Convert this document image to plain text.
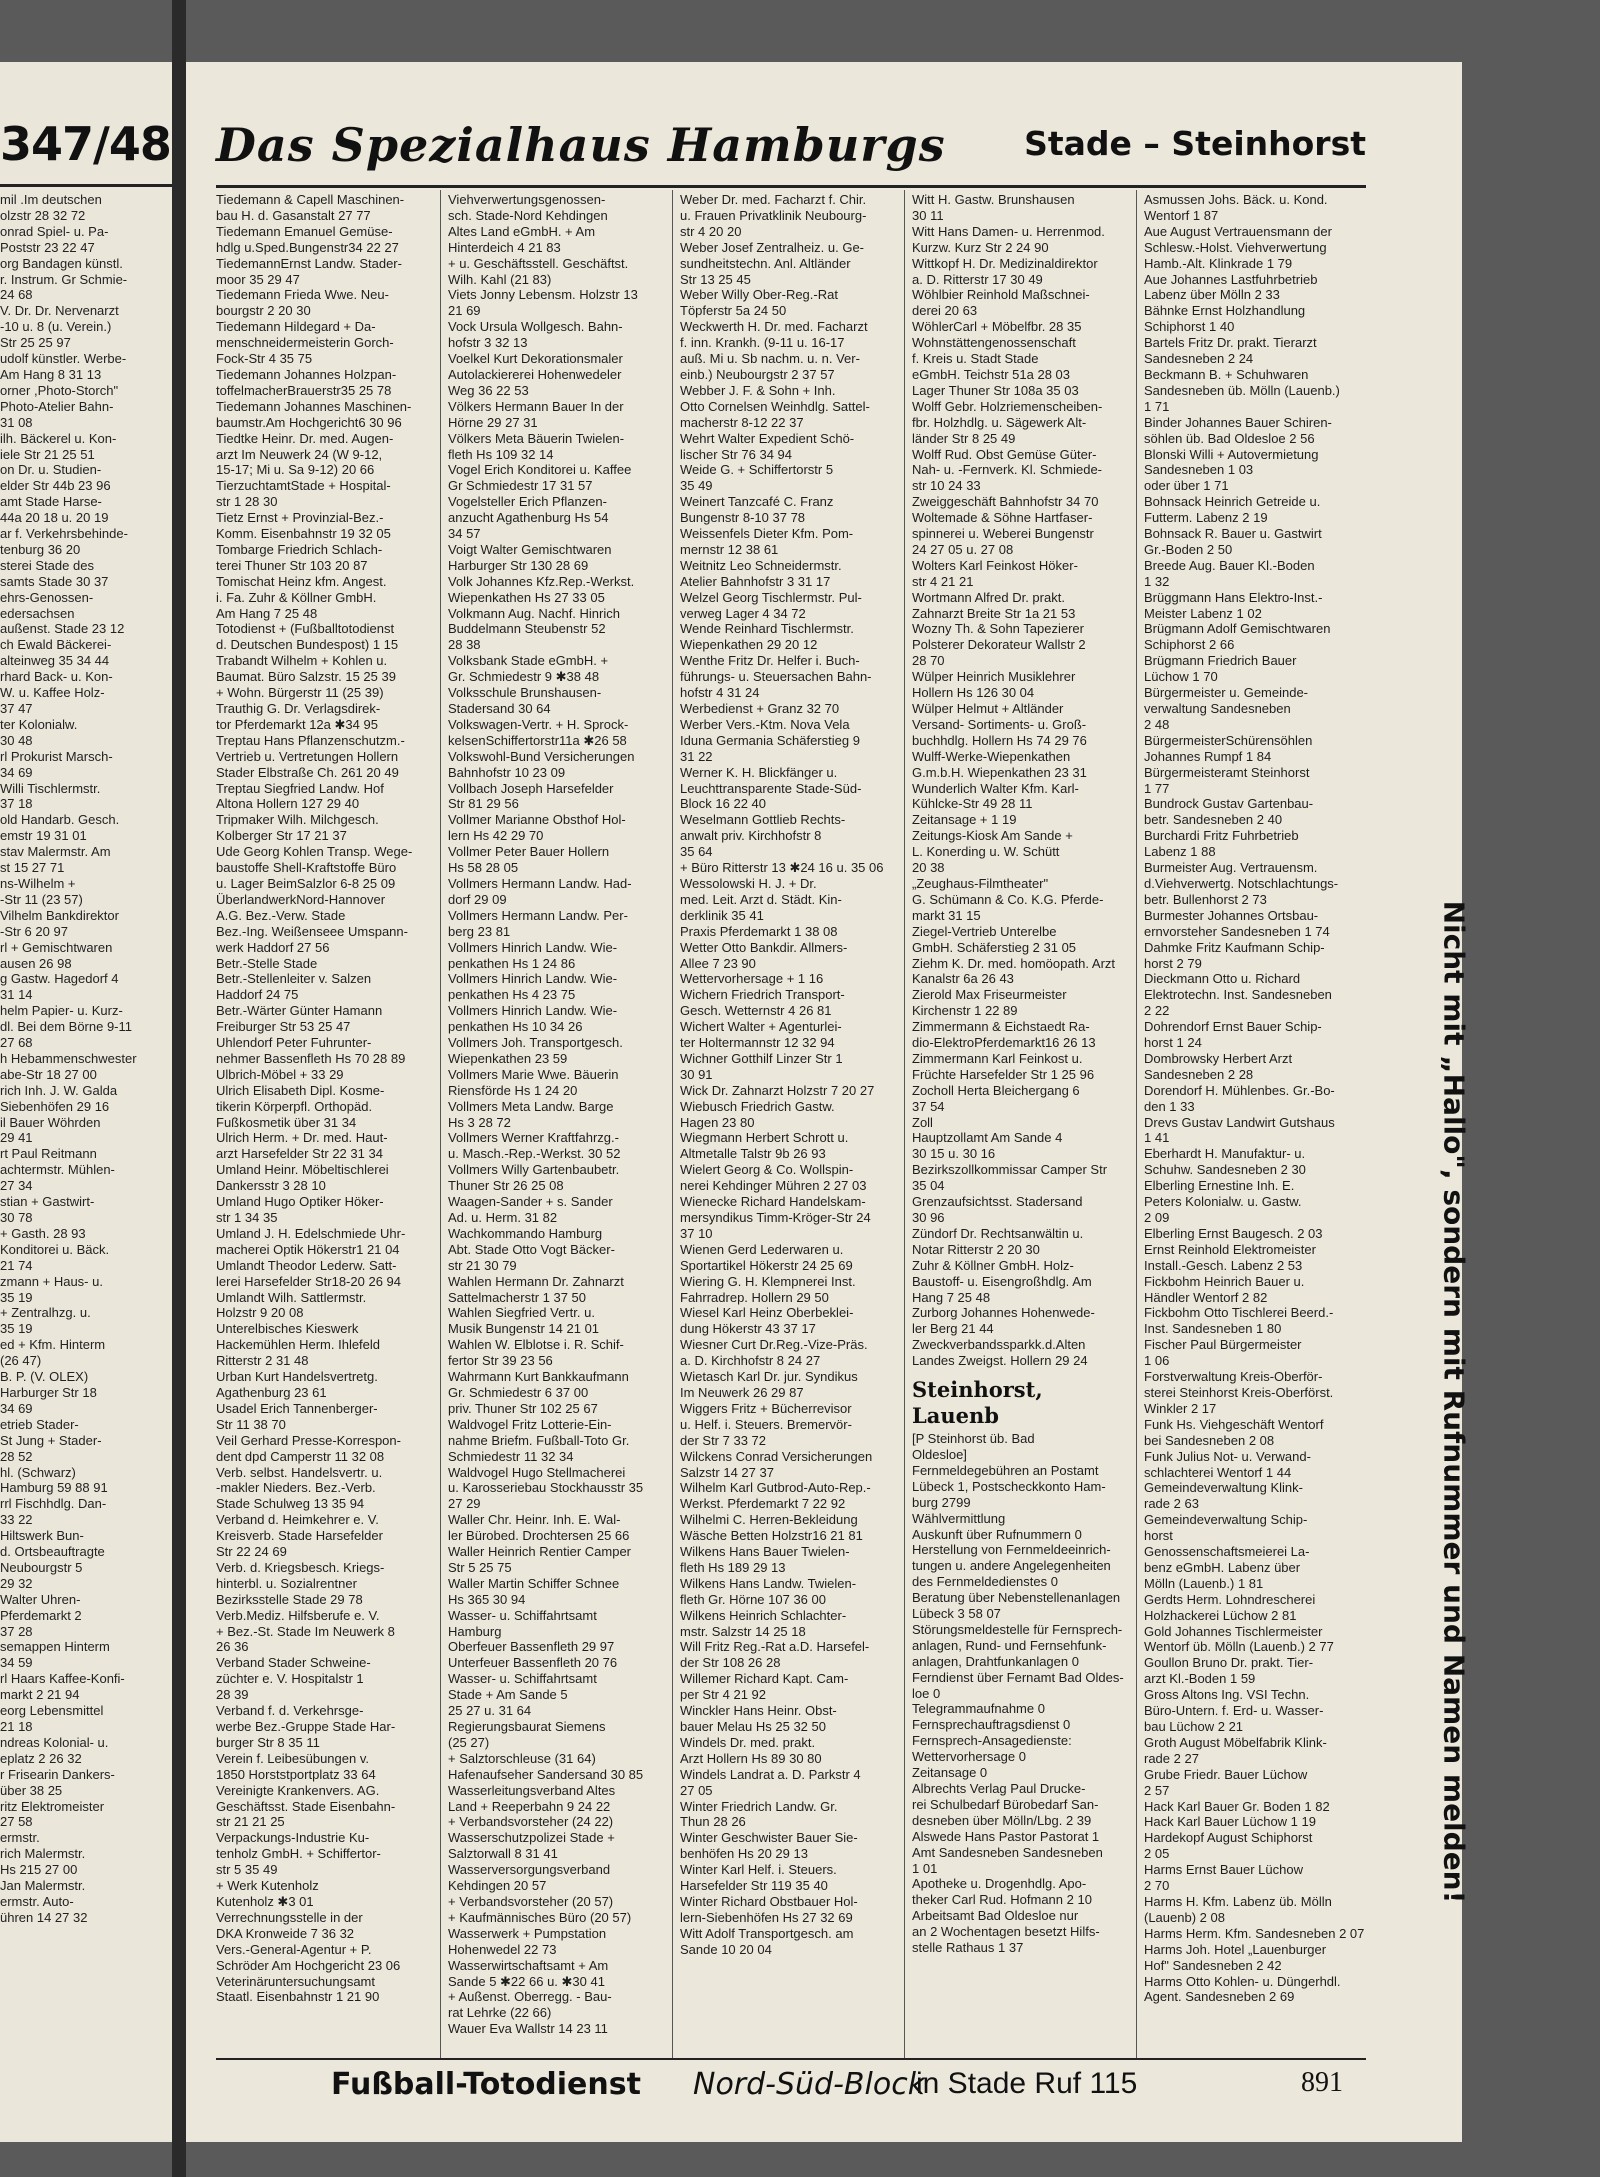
347/48
mil .Im deutschen
olzstr 28 32 72
onrad Spiel- u. Pa-
Poststr 23 22 47
org Bandagen künstl.
r. Instrum. Gr Schmie-
24 68
V. Dr. Dr. Nervenarzt
-10 u. 8 (u. Verein.)
Str 25 25 97
udolf künstler. Werbe-
Am Hang 8 31 13
orner ,Photo-Storch"
Photo-Atelier Bahn-
31 08
ilh. Bäckerel u. Kon-
iele Str 21 25 51
on Dr. u. Studien-
elder Str 44b 23 96
amt Stade Harse-
44a 20 18 u. 20 19
ar f. Verkehrsbehinde-
tenburg 36 20
sterei Stade des
samts Stade 30 37
ehrs-Genossen-
edersachsen
außenst. Stade 23 12
ch Ewald Bäckerei-
alteinweg 35 34 44
rhard Back- u. Kon-
W. u. Kaffee Holz-
37 47
ter Kolonialw.
30 48
rl Prokurist Marsch-
34 69
Willi Tischlermstr.
37 18
old Handarb. Gesch.
emstr 19 31 01
stav Malermstr. Am
st 15 27 71
ns-Wilhelm +
-Str 11 (23 57)
Vilhelm Bankdirektor
-Str 6 20 97
rl + Gemischtwaren
ausen 26 98
g Gastw. Hagedorf 4
31 14
helm Papier- u. Kurz-
dl. Bei dem Börne 9-11
27 68
h Hebammenschwester
abe-Str 18 27 00
rich Inh. J. W. Galda
Siebenhöfen 29 16
il Bauer Wöhrden
29 41
rt Paul Reitmann
achtermstr. Mühlen-
27 34
stian + Gastwirt-
30 78
+ Gasth. 28 93
Konditorei u. Bäck.
21 74
zmann + Haus- u.
35 19
+ Zentralhzg. u.
35 19
ed + Kfm. Hinterm
(26 47)
B. P. (V. OLEX)
Harburger Str 18
34 69
etrieb Stader-
St Jung + Stader-
28 52
hl. (Schwarz)
Hamburg 59 88 91
rrl Fischhdlg. Dan-
33 22
Hiltswerk Bun-
d. Ortsbeauftragte
Neubourgstr 5
29 32
Walter Uhren-
Pferdemarkt 2
37 28
semappen Hinterm
34 59
rl Haars Kaffee-Konfi-
markt 2 21 94
eorg Lebensmittel
21 18
ndreas Kolonial- u.
eplatz 2 26 32
r Frisearin Dankers-
über 38 25
ritz Elektromeister
27 58
ermstr.
rich Malermstr.
Hs 215 27 00
Jan Malermstr.
ermstr. Auto-
ühren 14 27 32
Das Spezialhaus Hamburgs Stade – Steinhorst
Tiedemann & Capell Maschinen-
bau H. d. Gasanstalt 27 77
Tiedemann Emanuel Gemüse-
hdlg u.Sped.Bungenstr34 22 27
TiedemannErnst Landw. Stader-
moor 35 29 47
Tiedemann Frieda Wwe. Neu-
bourgstr 2 20 30
Tiedemann Hildegard + Da-
menschneidermeisterin Gorch-
Fock-Str 4 35 75
Tiedemann Johannes Holzpan-
toffelmacherBrauerstr35 25 78
Tiedemann Johannes Maschinen-
baumstr.Am Hochgericht6 30 96
Tiedtke Heinr. Dr. med. Augen-
arzt Im Neuwerk 24 (W 9-12,
15-17; Mi u. Sa 9-12) 20 66
TierzuchtamtStade + Hospital-
str 1 28 30
Tietz Ernst + Provinzial-Bez.-
Komm. Eisenbahnstr 19 32 05
Tombarge Friedrich Schlach-
terei Thuner Str 103 20 87
Tomischat Heinz kfm. Angest.
i. Fa. Zuhr & Köllner GmbH.
Am Hang 7 25 48
Totodienst + (Fußballtotodienst
d. Deutschen Bundespost) 1 15
Trabandt Wilhelm + Kohlen u.
Baumat. Büro Salzstr. 15 25 39
+ Wohn. Bürgerstr 11 (25 39)
Trauthig G. Dr. Verlagsdirek-
tor Pferdemarkt 12a ✱34 95
Treptau Hans Pflanzenschutzm.-
Vertrieb u. Vertretungen Hollern
Stader Elbstraße Ch. 261 20 49
Treptau Siegfried Landw. Hof
Altona Hollern 127 29 40
Tripmaker Wilh. Milchgesch.
Kolberger Str 17 21 37
Ude Georg Kohlen Transp. Wege-
baustoffe Shell-Kraftstoffe Büro
u. Lager BeimSalzlor 6-8 25 09
ÜberlandwerkNord-Hannover
A.G. Bez.-Verw. Stade
Bez.-Ing. Weißenseee Umspann-
werk Haddorf 27 56
Betr.-Stelle Stade
Betr.-Stellenleiter v. Salzen
Haddorf 24 75
Betr.-Wärter Günter Hamann
Freiburger Str 53 25 47
Uhlendorf Peter Fuhrunter-
nehmer Bassenfleth Hs 70 28 89
Ulbrich-Möbel + 33 29
Ulrich Elisabeth Dipl. Kosme-
tikerin Körperpfl. Orthopäd.
Fußkosmetik über 31 34
Ulrich Herm. + Dr. med. Haut-
arzt Harsefelder Str 22 31 34
Umland Heinr. Möbeltischlerei
Dankersstr 3 28 10
Umland Hugo Optiker Höker-
str 1 34 35
Umland J. H. Edelschmiede Uhr-
macherei Optik Hökerstr1 21 04
Umlandt Theodor Lederw. Satt-
lerei Harsefelder Str18-20 26 94
Umlandt Wilh. Sattlermstr.
Holzstr 9 20 08
Unterelbisches Kieswerk
Hackemühlen Herm. Ihlefeld
Ritterstr 2 31 48
Urban Kurt Handelsvertretg.
Agathenburg 23 61
Usadel Erich Tannenberger-
Str 11 38 70
Veil Gerhard Presse-Korrespon-
dent dpd Camperstr 11 32 08
Verb. selbst. Handelsvertr. u.
-makler Nieders. Bez.-Verb.
Stade Schulweg 13 35 94
Verband d. Heimkehrer e. V.
Kreisverb. Stade Harsefelder
Str 22 24 69
Verb. d. Kriegsbesch. Kriegs-
hinterbl. u. Sozialrentner
Bezirksstelle Stade 29 78
Verb.Mediz. Hilfsberufe e. V.
+ Bez.-St. Stade Im Neuwerk 8
26 36
Verband Stader Schweine-
züchter e. V. Hospitalstr 1
28 39
Verband f. d. Verkehrsge-
werbe Bez.-Gruppe Stade Har-
burger Str 8 35 11
Verein f. Leibesübungen v.
1850 Horststportplatz 33 64
Vereinigte Krankenvers. AG.
Geschäftsst. Stade Eisenbahn-
str 21 21 25
Verpackungs-Industrie Ku-
tenholz GmbH. + Schiffertor-
str 5 35 49
+ Werk Kutenholz
Kutenholz ✱3 01
Verrechnungsstelle in der
DKA Kronweide 7 36 32
Vers.-General-Agentur + P.
Schröder Am Hochgericht 23 06
Veterinäruntersuchungsamt
Staatl. Eisenbahnstr 1 21 90
Viehverwertungsgenossen-
sch. Stade-Nord Kehdingen
Altes Land eGmbH. + Am
Hinterdeich 4 21 83
+ u. Geschäftsstell. Geschäftst.
Wilh. Kahl (21 83)
Viets Jonny Lebensm. Holzstr 13
21 69
Vock Ursula Wollgesch. Bahn-
hofstr 3 32 13
Voelkel Kurt Dekorationsmaler
Autolackiererei Hohenwedeler
Weg 36 22 53
Völkers Hermann Bauer In der
Hörne 29 27 31
Völkers Meta Bäuerin Twielen-
fleth Hs 109 32 14
Vogel Erich Konditorei u. Kaffee
Gr Schmiedestr 17 31 57
Vogelsteller Erich Pflanzen-
anzucht Agathenburg Hs 54
34 57
Voigt Walter Gemischtwaren
Harburger Str 130 28 69
Volk Johannes Kfz.Rep.-Werkst.
Wiepenkathen Hs 27 33 05
Volkmann Aug. Nachf. Hinrich
Buddelmann Steubenstr 52
28 38
Volksbank Stade eGmbH. +
Gr. Schmiedestr 9 ✱38 48
Volksschule Brunshausen-
Stadersand 30 64
Volkswagen-Vertr. + H. Sprock-
kelsenSchiffertorstr11a ✱26 58
Volkswohl-Bund Versicherungen
Bahnhofstr 10 23 09
Vollbach Joseph Harsefelder
Str 81 29 56
Vollmer Marianne Obsthof Hol-
lern Hs 42 29 70
Vollmer Peter Bauer Hollern
Hs 58 28 05
Vollmers Hermann Landw. Had-
dorf 29 09
Vollmers Hermann Landw. Per-
berg 23 81
Vollmers Hinrich Landw. Wie-
penkathen Hs 1 24 86
Vollmers Hinrich Landw. Wie-
penkathen Hs 4 23 75
Vollmers Hinrich Landw. Wie-
penkathen Hs 10 34 26
Vollmers Joh. Transportgesch.
Wiepenkathen 23 59
Vollmers Marie Wwe. Bäuerin
Riensförde Hs 1 24 20
Vollmers Meta Landw. Barge
Hs 3 28 72
Vollmers Werner Kraftfahrzg.-
u. Masch.-Rep.-Werkst. 30 52
Vollmers Willy Gartenbaubetr.
Thuner Str 26 25 08
Waagen-Sander + s. Sander
Ad. u. Herm. 31 82
Wachkommando Hamburg
Abt. Stade Otto Vogt Bäcker-
str 21 30 79
Wahlen Hermann Dr. Zahnarzt
Sattelmacherstr 1 37 50
Wahlen Siegfried Vertr. u.
Musik Bungenstr 14 21 01
Wahlen W. Elblotse i. R. Schif-
fertor Str 39 23 56
Wahrmann Kurt Bankkaufmann
Gr. Schmiedestr 6 37 00
priv. Thuner Str 102 25 67
Waldvogel Fritz Lotterie-Ein-
nahme Briefm. Fußball-Toto Gr.
Schmiedestr 11 32 34
Waldvogel Hugo Stellmacherei
u. Karosseriebau Stockhausstr 35
27 29
Waller Chr. Heinr. Inh. E. Wal-
ler Bürobed. Drochtersen 25 66
Waller Heinrich Rentier Camper
Str 5 25 75
Waller Martin Schiffer Schnee
Hs 365 30 94
Wasser- u. Schiffahrtsamt
Hamburg
Oberfeuer Bassenfleth 29 97
Unterfeuer Bassenfleth 20 76
Wasser- u. Schiffahrtsamt
Stade + Am Sande 5
25 27 u. 31 64
Regierungsbaurat Siemens
(25 27)
+ Salztorschleuse (31 64)
Hafenaufseher Sandersand 30 85
Wasserleitungsverband Altes
Land + Reeperbahn 9 24 22
+ Verbandsvorsteher (24 22)
Wasserschutzpolizei Stade +
Salztorwall 8 31 41
Wasserversorgungsverband
Kehdingen 20 57
+ Verbandsvorsteher (20 57)
+ Kaufmännisches Büro (20 57)
Wasserwerk + Pumpstation
Hohenwedel 22 73
Wasserwirtschaftsamt + Am
Sande 5 ✱22 66 u. ✱30 41
+ Außenst. Oberregg. - Bau-
rat Lehrke (22 66)
Wauer Eva Wallstr 14 23 11
Weber Dr. med. Facharzt f. Chir.
u. Frauen Privatklinik Neubourg-
str 4 20 20
Weber Josef Zentralheiz. u. Ge-
sundheitstechn. Anl. Altländer
Str 13 25 45
Weber Willy Ober-Reg.-Rat
Töpferstr 5a 24 50
Weckwerth H. Dr. med. Facharzt
f. inn. Krankh. (9-11 u. 16-17
auß. Mi u. Sb nachm. u. n. Ver-
einb.) Neubourgstr 2 37 57
Webber J. F. & Sohn + Inh.
Otto Cornelsen Weinhdlg. Sattel-
macherstr 8-12 22 37
Wehrt Walter Expedient Schö-
lischer Str 76 34 94
Weide G. + Schiffertorstr 5
35 49
Weinert Tanzcafé C. Franz
Bungenstr 8-10 37 78
Weissenfels Dieter Kfm. Pom-
mernstr 12 38 61
Weitnitz Leo Schneidermstr.
Atelier Bahnhofstr 3 31 17
Welzel Georg Tischlermstr. Pul-
verweg Lager 4 34 72
Wende Reinhard Tischlermstr.
Wiepenkathen 29 20 12
Wenthe Fritz Dr. Helfer i. Buch-
führungs- u. Steuersachen Bahn-
hofstr 4 31 24
Werbedienst + Granz 32 70
Werber Vers.-Ktm. Nova Vela
Iduna Germania Schäferstieg 9
31 22
Werner K. H. Blickfänger u.
Leuchttransparente Stade-Süd-
Block 16 22 40
Weselmann Gottlieb Rechts-
anwalt priv. Kirchhofstr 8
35 64
+ Büro Ritterstr 13 ✱24 16 u. 35 06
Wessolowski H. J. + Dr.
med. Leit. Arzt d. Städt. Kin-
derklinik 35 41
Praxis Pferdemarkt 1 38 08
Wetter Otto Bankdir. Allmers-
Allee 7 23 90
Wettervorhersage + 1 16
Wichern Friedrich Transport-
Gesch. Wetternstr 4 26 81
Wichert Walter + Agenturlei-
ter Holtermannstr 12 32 94
Wichner Gotthilf Linzer Str 1
30 91
Wick Dr. Zahnarzt Holzstr 7 20 27
Wiebusch Friedrich Gastw.
Hagen 23 80
Wiegmann Herbert Schrott u.
Altmetalle Talstr 9b 26 93
Wielert Georg & Co. Wollspin-
nerei Kehdinger Mühren 2 27 03
Wienecke Richard Handelskam-
mersyndikus Timm-Kröger-Str 24
37 10
Wienen Gerd Lederwaren u.
Sportartikel Hökerstr 24 25 69
Wiering G. H. Klempnerei Inst.
Fahrradrep. Hollern 29 50
Wiesel Karl Heinz Oberbeklei-
dung Hökerstr 43 37 17
Wiesner Curt Dr.Reg.-Vize-Präs.
a. D. Kirchhofstr 8 24 27
Wietasch Karl Dr. jur. Syndikus
Im Neuwerk 26 29 87
Wiggers Fritz + Bücherrevisor
u. Helf. i. Steuers. Bremervör-
der Str 7 33 72
Wilckens Conrad Versicherungen
Salzstr 14 27 37
Wilhelm Karl Gutbrod-Auto-Rep.-
Werkst. Pferdemarkt 7 22 92
Wilhelmi C. Herren-Bekleidung
Wäsche Betten Holzstr16 21 81
Wilkens Hans Bauer Twielen-
fleth Hs 189 29 13
Wilkens Hans Landw. Twielen-
fleth Gr. Hörne 107 36 00
Wilkens Heinrich Schlachter-
mstr. Salzstr 14 25 18
Will Fritz Reg.-Rat a.D. Harsefel-
der Str 108 26 28
Willemer Richard Kapt. Cam-
per Str 4 21 92
Winckler Hans Heinr. Obst-
bauer Melau Hs 25 32 50
Windels Dr. med. prakt.
Arzt Hollern Hs 89 30 80
Windels Landrat a. D. Parkstr 4
27 05
Winter Friedrich Landw. Gr.
Thun 28 26
Winter Geschwister Bauer Sie-
benhöfen Hs 20 29 13
Winter Karl Helf. i. Steuers.
Harsefelder Str 119 35 40
Winter Richard Obstbauer Hol-
lern-Siebenhöfen Hs 27 32 69
Witt Adolf Transportgesch. am
Sande 10 20 04
Witt H. Gastw. Brunshausen
30 11
Witt Hans Damen- u. Herrenmod.
Kurzw. Kurz Str 2 24 90
Wittkopf H. Dr. Medizinaldirektor
a. D. Ritterstr 17 30 49
Wöhlbier Reinhold Maßschnei-
derei 20 63
WöhlerCarl + Möbelfbr. 28 35
Wohnstättengenossenschaft
f. Kreis u. Stadt Stade
eGmbH. Teichstr 51a 28 03
Lager Thuner Str 108a 35 03
Wolff Gebr. Holzriemenscheiben-
fbr. Holzhdlg. u. Sägewerk Alt-
länder Str 8 25 49
Wolff Rud. Obst Gemüse Güter-
Nah- u. -Fernverk. Kl. Schmiede-
str 10 24 33
Zweiggeschäft Bahnhofstr 34 70
Woltemade & Söhne Hartfaser-
spinnerei u. Weberei Bungenstr
24 27 05 u. 27 08
Wolters Karl Feinkost Höker-
str 4 21 21
Wortmann Alfred Dr. prakt.
Zahnarzt Breite Str 1a 21 53
Wozny Th. & Sohn Tapezierer
Polsterer Dekorateur Wallstr 2
28 70
Wülper Heinrich Musiklehrer
Hollern Hs 126 30 04
Wülper Helmut + Altländer
Versand- Sortiments- u. Groß-
buchhdlg. Hollern Hs 74 29 76
Wulff-Werke-Wiepenkathen
G.m.b.H. Wiepenkathen 23 31
Wunderlich Walter Kfm. Karl-
Kühlcke-Str 49 28 11
Zeitansage + 1 19
Zeitungs-Kiosk Am Sande +
L. Konerding u. W. Schütt
20 38
„Zeughaus-Filmtheater"
G. Schümann & Co. K.G. Pferde-
markt 31 15
Ziegel-Vertrieb Unterelbe
GmbH. Schäferstieg 2 31 05
Ziehm K. Dr. med. homöopath. Arzt
Kanalstr 6a 26 43
Zierold Max Friseurmeister
Kirchenstr 1 22 89
Zimmermann & Eichstaedt Ra-
dio-ElektroPferdemarkt16 26 13
Zimmermann Karl Feinkost u.
Früchte Harsefelder Str 1 25 96
Zocholl Herta Bleichergang 6
37 54
Zoll
Hauptzollamt Am Sande 4
30 15 u. 30 16
Bezirkszollkommissar Camper Str
35 04
Grenzaufsichtsst. Stadersand
30 96
Zündorf Dr. Rechtsanwältin u.
Notar Ritterstr 2 20 30
Zuhr & Köllner GmbH. Holz-
Baustoff- u. Eisengroßhdlg. Am
Hang 7 25 48
Zurborg Johannes Hohenwede-
ler Berg 21 44
Zweckverbandssparkk.d.Alten
Landes Zweigst. Hollern 29 24
Steinhorst, Lauenb
[P Steinhorst üb. Bad
Oldesloe]
Fernmeldegebühren an Postamt
Lübeck 1, Postscheckkonto Ham-
burg 2799
Wählvermittlung
Auskunft über Rufnummern 0
Herstellung von Fernmeldeeinrich-
tungen u. andere Angelegenheiten
des Fernmeldedienstes 0
Beratung über Nebenstellenanlagen
Lübeck 3 58 07
Störungsmeldestelle für Fernsprech-
anlagen, Rund- und Fernsehfunk-
anlagen, Drahtfunkanlagen 0
Ferndienst über Fernamt Bad Oldes-
loe 0
Telegrammaufnahme 0
Fernsprechauftragsdienst 0
Fernsprech-Ansagedienste:
Wettervorhersage 0
Zeitansage 0
Albrechts Verlag Paul Drucke-
rei Schulbedarf Bürobedarf San-
desneben über Mölln/Lbg. 2 39
Alswede Hans Pastor Pastorat 1
Amt Sandesneben Sandesneben
1 01
Apotheke u. Drogenhdlg. Apo-
theker Carl Rud. Hofmann 2 10
Arbeitsamt Bad Oldesloe nur
an 2 Wochentagen besetzt Hilfs-
stelle Rathaus 1 37
Asmussen Johs. Bäck. u. Kond.
Wentorf 1 87
Aue August Vertrauensmann der
Schlesw.-Holst. Viehverwertung
Hamb.-Alt. Klinkrade 1 79
Aue Johannes Lastfuhrbetrieb
Labenz über Mölln 2 33
Bähnke Ernst Holzhandlung
Schiphorst 1 40
Bartels Fritz Dr. prakt. Tierarzt
Sandesneben 2 24
Beckmann B. + Schuhwaren
Sandesneben üb. Mölln (Lauenb.)
1 71
Binder Johannes Bauer Schiren-
söhlen üb. Bad Oldesloe 2 56
Blonski Willi + Autovermietung
Sandesneben 1 03
oder über 1 71
Bohnsack Heinrich Getreide u.
Futterm. Labenz 2 19
Bohnsack R. Bauer u. Gastwirt
Gr.-Boden 2 50
Breede Aug. Bauer Kl.-Boden
1 32
Brüggmann Hans Elektro-Inst.-
Meister Labenz 1 02
Brügmann Adolf Gemischtwaren
Schiphorst 2 66
Brügmann Friedrich Bauer
Lüchow 1 70
Bürgermeister u. Gemeinde-
verwaltung Sandesneben
2 48
BürgermeisterSchürensöhlen
Johannes Rumpf 1 84
Bürgermeisteramt Steinhorst
1 77
Bundrock Gustav Gartenbau-
betr. Sandesneben 2 40
Burchardi Fritz Fuhrbetrieb
Labenz 1 88
Burmeister Aug. Vertrauensm.
d.Viehverwertg. Notschlachtungs-
betr. Bullenhorst 2 73
Burmester Johannes Ortsbau-
ernvorsteher Sandesneben 1 74
Dahmke Fritz Kaufmann Schip-
horst 2 79
Dieckmann Otto u. Richard
Elektrotechn. Inst. Sandesneben
2 22
Dohrendorf Ernst Bauer Schip-
horst 1 24
Dombrowsky Herbert Arzt
Sandesneben 2 28
Dorendorf H. Mühlenbes. Gr.-Bo-
den 1 33
Drevs Gustav Landwirt Gutshaus
1 41
Eberhardt H. Manufaktur- u.
Schuhw. Sandesneben 2 30
Elberling Ernestine Inh. E.
Peters Kolonialw. u. Gastw.
2 09
Elberling Ernst Baugesch. 2 03
Ernst Reinhold Elektromeister
Install.-Gesch. Labenz 2 53
Fickbohm Heinrich Bauer u.
Händler Wentorf 2 82
Fickbohm Otto Tischlerei Beerd.-
Inst. Sandesneben 1 80
Fischer Paul Bürgermeister
1 06
Forstverwaltung Kreis-Oberför-
sterei Steinhorst Kreis-Oberförst.
Winkler 2 17
Funk Hs. Viehgeschäft Wentorf
bei Sandesneben 2 08
Funk Julius Not- u. Verwand-
schlachterei Wentorf 1 44
Gemeindeverwaltung Klink-
rade 2 63
Gemeindeverwaltung Schip-
horst
Genossenschaftsmeierei La-
benz eGmbH. Labenz über
Mölln (Lauenb.) 1 81
Gerdts Herm. Lohndrescherei
Holzhackerei Lüchow 2 81
Gold Johannes Tischlermeister
Wentorf üb. Mölln (Lauenb.) 2 77
Goullon Bruno Dr. prakt. Tier-
arzt Kl.-Boden 1 59
Gross Altons Ing. VSI Techn.
Büro-Untern. f. Erd- u. Wasser-
bau Lüchow 2 21
Groth August Möbelfabrik Klink-
rade 2 27
Grube Friedr. Bauer Lüchow
2 57
Hack Karl Bauer Gr. Boden 1 82
Hack Karl Bauer Lüchow 1 19
Hardekopf August Schiphorst
2 05
Harms Ernst Bauer Lüchow
2 70
Harms H. Kfm. Labenz üb. Mölln
(Lauenb) 2 08
Harms Herm. Kfm. Sandesneben 2 07
Harms Joh. Hotel „Lauenburger
Hof" Sandesneben 2 42
Harms Otto Kohlen- u. Düngerhdl.
Agent. Sandesneben 2 69
Nicht mit „Hallo", sondern mit Rufnummer und Namen melden!
Fußball-Totodienst Nord-Süd-Block
in Stade Ruf 115	891
